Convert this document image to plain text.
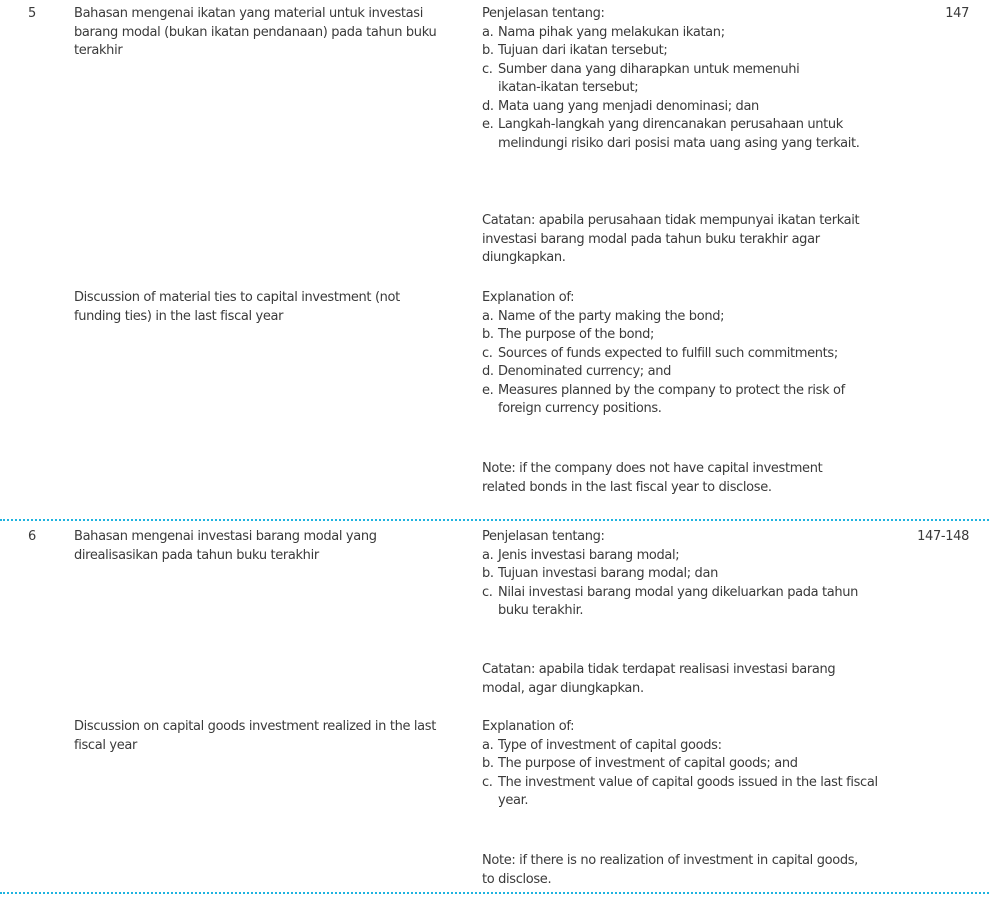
5	Bahasan mengenai ikatan yang material untuk investasi barang modal (bukan ikatan pendanaan) pada tahun buku terakhir

147

Penjelasan tentang:

a. Nama pihak yang melakukan ikatan;
b. Tujuan dari ikatan tersebut;
c. Sumber dana yang diharapkan untuk memenuhi ikatan-ikatan tersebut;
d. Mata uang yang menjadi denominasi; dan
e. Langkah-langkah yang direncanakan perusahaan untuk melindungi risiko dari posisi mata uang asing yang terkait.

Catatan: apabila perusahaan tidak mempunyai ikatan terkait investasi barang modal pada tahun buku terakhir agar diungkapkan.

Discussion of material ties to capital investment (not funding ties) in the last fiscal year

Explanation of:

a. Name of the party making the bond;
b. The purpose of the bond;
c. Sources of funds expected to fulfill such commitments;
d. Denominated currency; and
e. Measures planned by the company to protect the risk of foreign currency positions.

Note: if the company does not have capital investment related bonds in the last fiscal year to disclose.

6	Bahasan mengenai investasi barang modal yang direalisasikan pada tahun buku terakhir

147-148

Penjelasan tentang:

a. Jenis investasi barang modal;
b. Tujuan investasi barang modal; dan
c. Nilai investasi barang modal yang dikeluarkan pada tahun buku terakhir.

Catatan: apabila tidak terdapat realisasi investasi barang modal, agar diungkapkan.

Discussion on capital goods investment realized in the last fiscal year

Explanation of:

a. Type of investment of capital goods:
b. The purpose of investment of capital goods; and
c. The investment value of capital goods issued in the last fiscal year.

Note: if there is no realization of investment in capital goods, to disclose.
